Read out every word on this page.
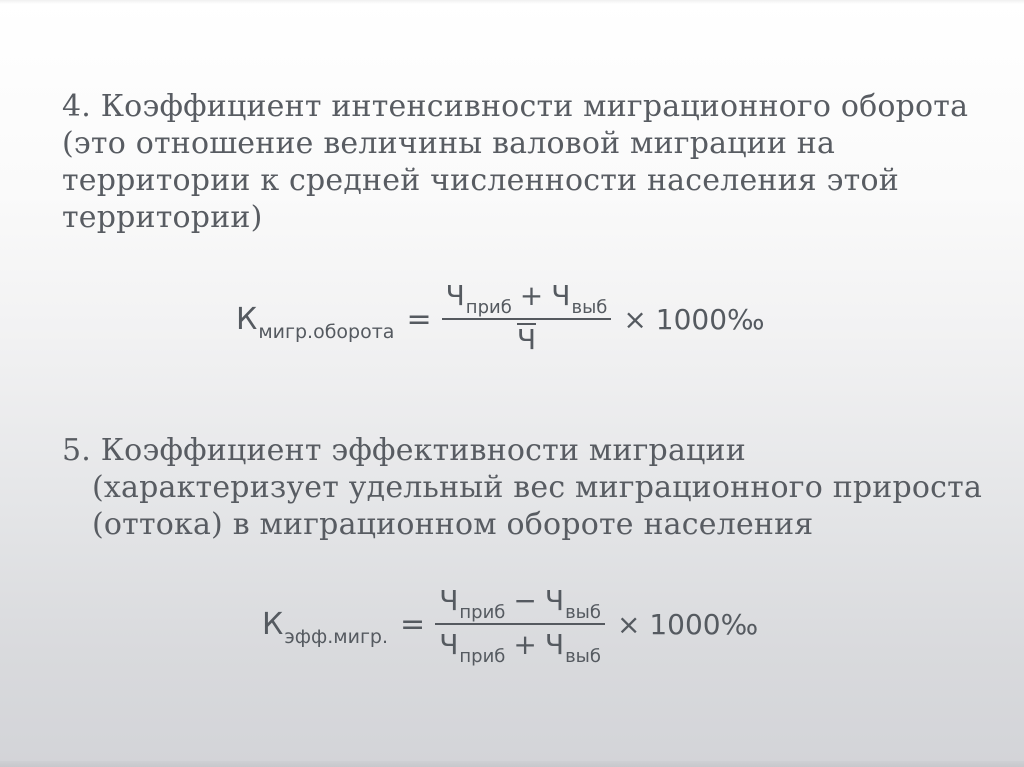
4. Коэффициент интенсивности миграционного оборота
(это отношение величины валовой миграции на
территории к средней численности населения этой
территории)
К мигр.оборота = $\frac{\text{Ч приб + Ч выб}}{Ч}$ × 1000‰
5. Коэффициент эффективности миграции
(характеризует удельный вес миграционного прироста
(оттока) в миграционном обороте населения
К эфф.мигр. = $\frac{\text{Ч приб − Ч выб}}{\text{Ч приб + Ч выб}}$ × 1000‰
